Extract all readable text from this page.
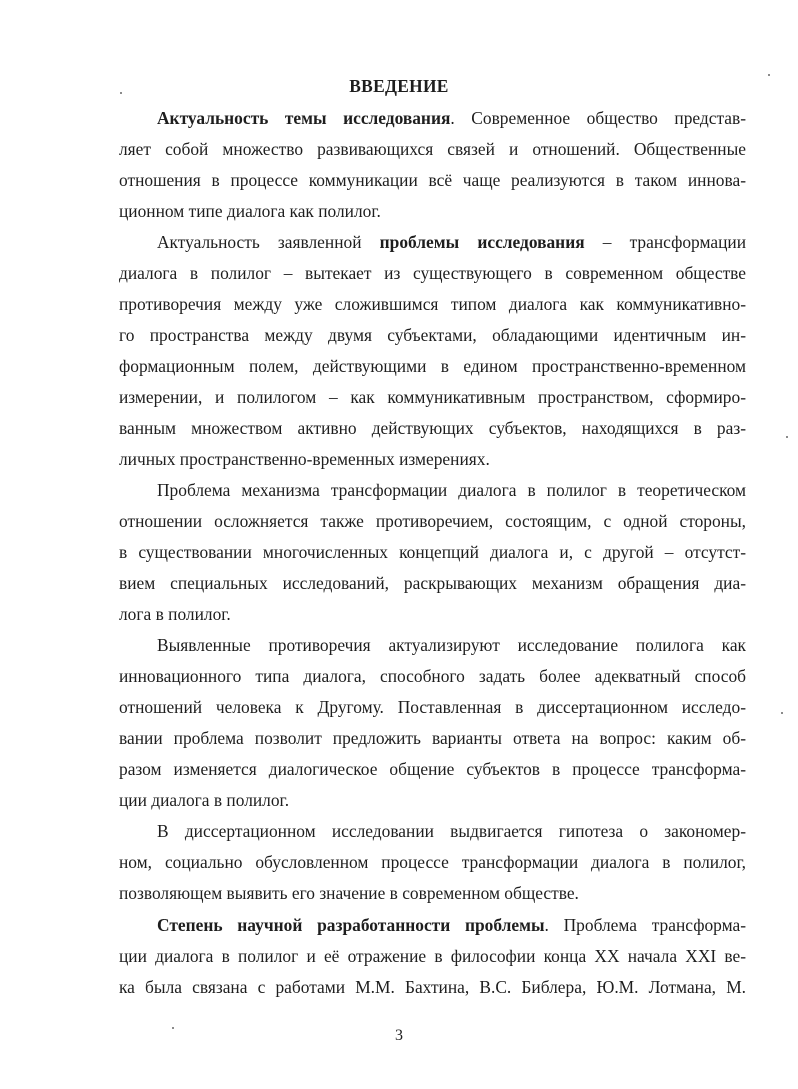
ВВЕДЕНИЕ
Актуальность темы исследования. Современное общество представ-
ляет собой множество развивающихся связей и отношений. Общественные
отношения в процессе коммуникации всё чаще реализуются в таком иннова-
ционном типе диалога как полилог.
Актуальность заявленной проблемы исследования – трансформации
диалога в полилог – вытекает из существующего в современном обществе
противоречия между уже сложившимся типом диалога как коммуникативно-
го пространства между двумя субъектами, обладающими идентичным ин-
формационным полем, действующими в едином пространственно-временном
измерении, и полилогом – как коммуникативным пространством, сформиро-
ванным множеством активно действующих субъектов, находящихся в раз-
личных пространственно-временных измерениях.
Проблема механизма трансформации диалога в полилог в теоретическом
отношении осложняется также противоречием, состоящим, с одной стороны,
в существовании многочисленных концепций диалога и, с другой – отсутст-
вием специальных исследований, раскрывающих механизм обращения диа-
лога в полилог.
Выявленные противоречия актуализируют исследование полилога как
инновационного типа диалога, способного задать более адекватный способ
отношений человека к Другому. Поставленная в диссертационном исследо-
вании проблема позволит предложить варианты ответа на вопрос: каким об-
разом изменяется диалогическое общение субъектов в процессе трансформа-
ции диалога в полилог.
В диссертационном исследовании выдвигается гипотеза о закономер-
ном, социально обусловленном процессе трансформации диалога в полилог,
позволяющем выявить его значение в современном обществе.
Степень научной разработанности проблемы. Проблема трансформа-
ции диалога в полилог и её отражение в философии конца XX начала XXI ве-
ка была связана с работами М.М. Бахтина, В.С. Библера, Ю.М. Лотмана, М.
3
